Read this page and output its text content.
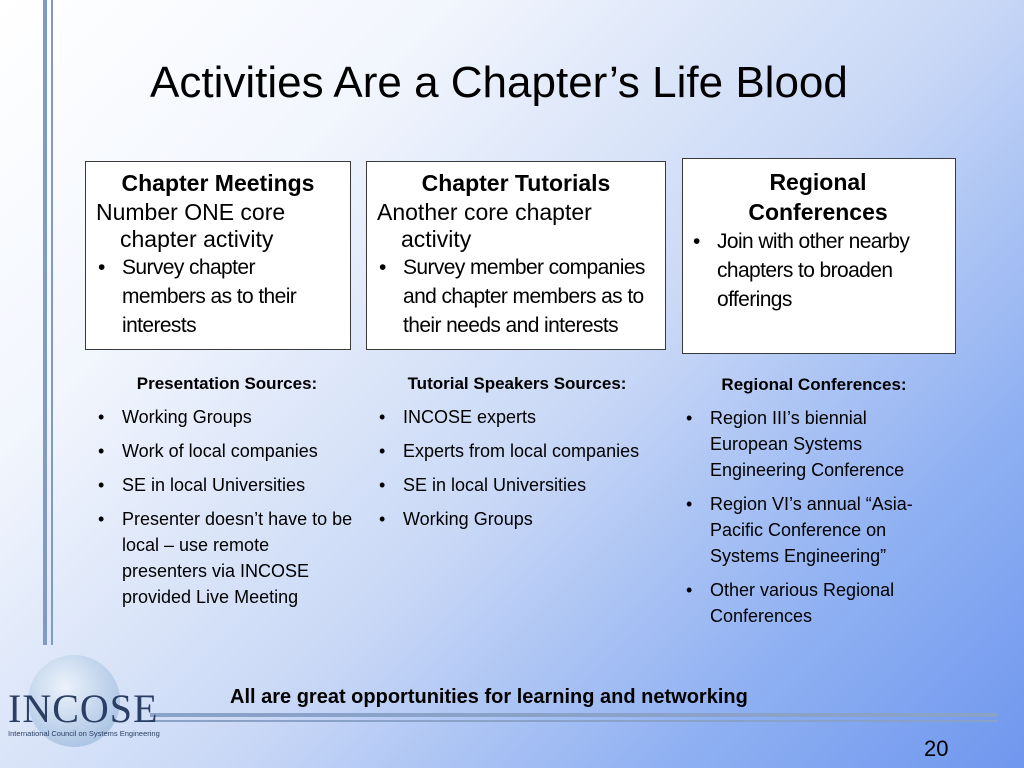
Activities Are a Chapter’s Life Blood
Chapter Meetings
Number ONE core chapter activity
• Survey chapter members as to their interests
Chapter Tutorials
Another core chapter activity
• Survey member companies and chapter members as to their needs and interests
Regional Conferences
• Join with other nearby chapters to broaden offerings
Presentation Sources:
• Working Groups
• Work of local companies
• SE in local Universities
• Presenter doesn’t have to be local – use remote presenters via INCOSE provided Live Meeting
Tutorial Speakers Sources:
• INCOSE experts
• Experts from local companies
• SE in local Universities
• Working Groups
Regional Conferences:
• Region III’s biennial European Systems Engineering Conference
• Region VI’s annual “Asia-Pacific Conference on Systems Engineering”
• Other various Regional Conferences
All are great opportunities for learning and networking
20
INCOSE
International Council on Systems Engineering
